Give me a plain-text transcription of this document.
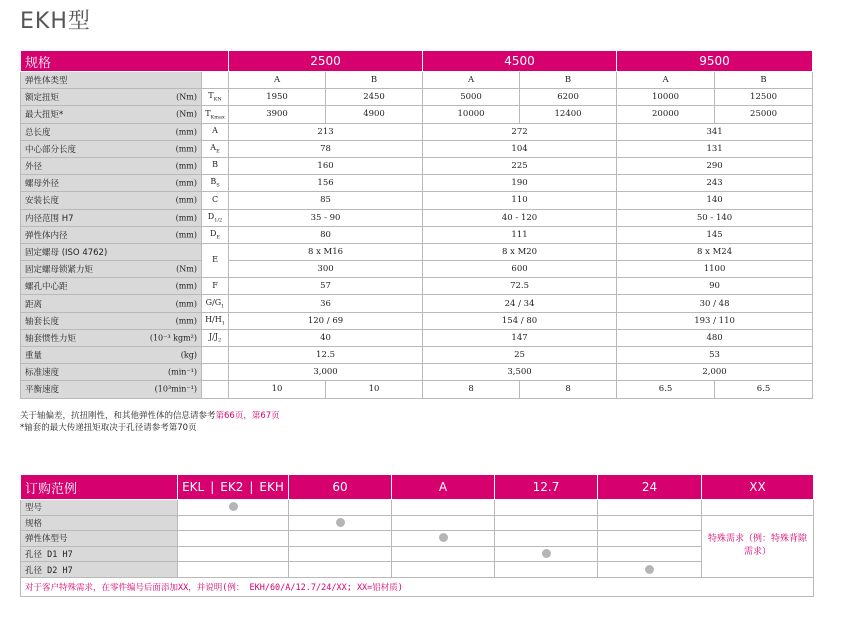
EKH型
规格		2500		4500		9500	
弹性体类型		A	B	A	B	A	B
额定扭矩 (Nm)	$T_{KN}$	1950	2450	5000	6200	10000	12500
最大扭矩* (Nm)	$T_{Kmax}$	3900	4900	10000	12400	20000	25000
总长度 (mm)	A	213		272		341	
中心部分长度 (mm)	$A_E$	78		104		131	
外径 (mm)	B	160		225		290	
螺母外径 (mm)	$B_S$	156		190		243	
安装长度 (mm)	C	85		110		140	
内径范围 H7 (mm)	$D_{1/2}$	35 - 90		40 - 120		50 - 140	
弹性体内径 (mm)	$D_E$	80		111		145	
固定螺母 (ISO 4762)	E	8 x M16		8 x M20		8 x M24	
固定螺母锁紧力矩 (Nm)		300		600		1100	
螺孔中心距 (mm)	F	57		72.5		90	
距离 (mm)	$G/G_1$	36		24 / 34		30 / 48	
轴套长度 (mm)	$H/H_1$	120 / 69		154 / 80		193 / 110	
轴套惯性力矩 (10⁻³ kgm²)	$J/J_2$	40		147		480	
重量 (kg)		12.5		25		53	
标准速度 (min⁻¹)		3,000		3,500		2,000	
平衡速度 (10³min⁻¹)		10	10	8	8	6.5	6.5
关于轴偏差，抗扭刚性，和其他弹性体的信息请参考第66页，第67页
*轴套的最大传递扭矩取决于孔径请参考第70页
订购范例	EKL | EK2 | EKH	60	A	12.7	24	XX
型号						
规格						特殊需求（例：特殊背隙需求）
弹性体型号						
孔径 D1 H7						
孔径 D2 H7						
对于客户特殊需求，在零件编号后面添加XX，并说明(例： EKH/60/A/12.7/24/XX; XX=铝材质)						
